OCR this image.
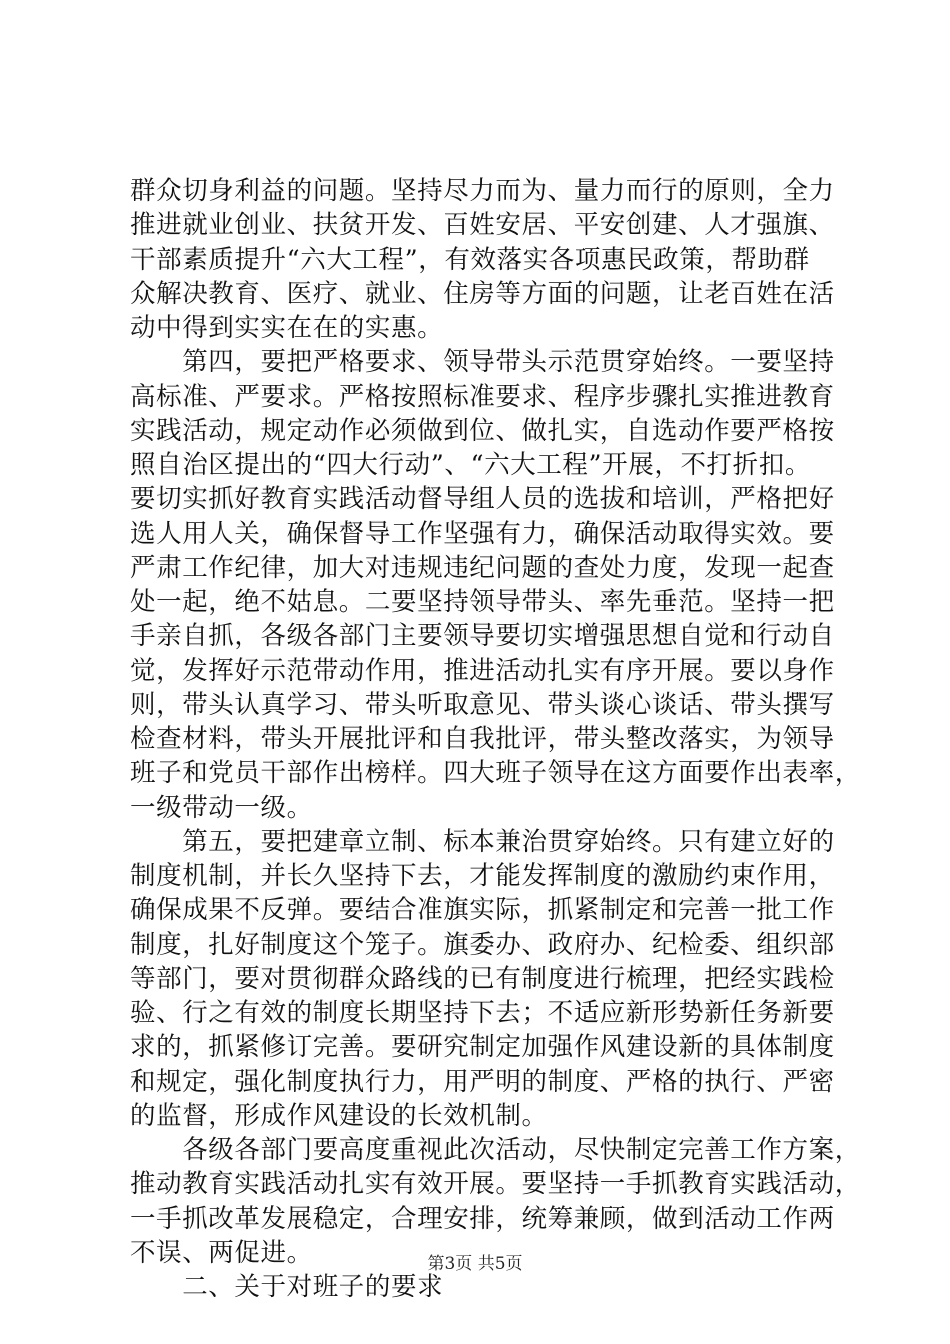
群众切身利益的问题。坚持尽力而为、量力而行的原则，全力
推进就业创业、扶贫开发、百姓安居、平安创建、人才强旗、
干部素质提升“六大工程”，有效落实各项惠民政策，帮助群
众解决教育、医疗、就业、住房等方面的问题，让老百姓在活
动中得到实实在在的实惠。
　　第四，要把严格要求、领导带头示范贯穿始终。一要坚持
高标准、严要求。严格按照标准要求、程序步骤扎实推进教育
实践活动，规定动作必须做到位、做扎实，自选动作要严格按
照自治区提出的“四大行动”、“六大工程”开展，不打折扣。
要切实抓好教育实践活动督导组人员的选拔和培训，严格把好
选人用人关，确保督导工作坚强有力，确保活动取得实效。要
严肃工作纪律，加大对违规违纪问题的查处力度，发现一起查
处一起，绝不姑息。二要坚持领导带头、率先垂范。坚持一把
手亲自抓，各级各部门主要领导要切实增强思想自觉和行动自
觉，发挥好示范带动作用，推进活动扎实有序开展。要以身作
则，带头认真学习、带头听取意见、带头谈心谈话、带头撰写
检查材料，带头开展批评和自我批评，带头整改落实，为领导
班子和党员干部作出榜样。四大班子领导在这方面要作出表率，
一级带动一级。
　　第五，要把建章立制、标本兼治贯穿始终。只有建立好的
制度机制，并长久坚持下去，才能发挥制度的激励约束作用，
确保成果不反弹。要结合准旗实际，抓紧制定和完善一批工作
制度，扎好制度这个笼子。旗委办、政府办、纪检委、组织部
等部门，要对贯彻群众路线的已有制度进行梳理，把经实践检
验、行之有效的制度长期坚持下去；不适应新形势新任务新要
求的，抓紧修订完善。要研究制定加强作风建设新的具体制度
和规定，强化制度执行力，用严明的制度、严格的执行、严密
的监督，形成作风建设的长效机制。
　　各级各部门要高度重视此次活动，尽快制定完善工作方案，
推动教育实践活动扎实有效开展。要坚持一手抓教育实践活动，
一手抓改革发展稳定，合理安排，统筹兼顾，做到活动工作两
不误、两促进。
　　二、关于对班子的要求
第3页 共5页
